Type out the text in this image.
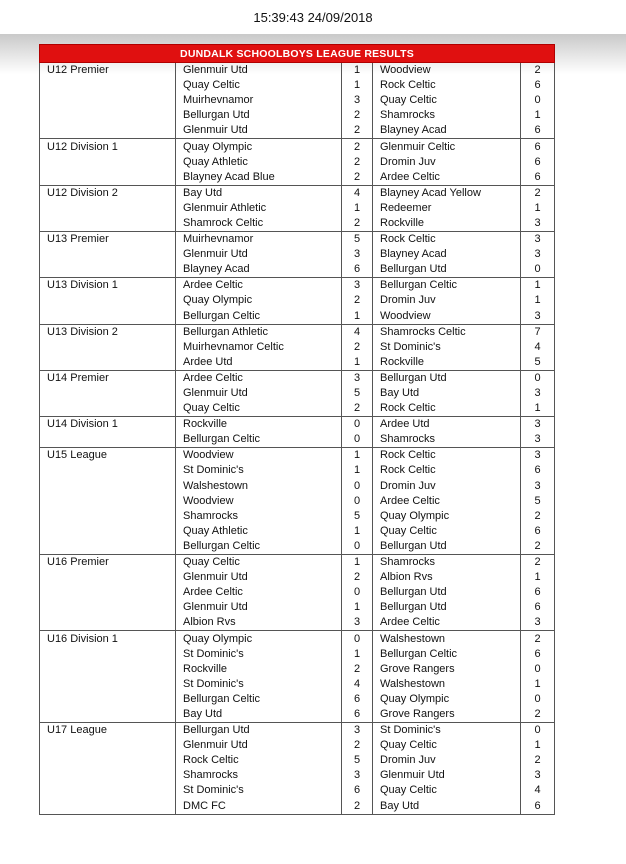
15:39:43 24/09/2018
DUNDALK SCHOOLBOYS LEAGUE RESULTS				
U12 Premier	Glenmuir Utd	1	Woodview	2
	Quay Celtic	1	Rock Celtic	6
	Muirhevnamor	3	Quay Celtic	0
	Bellurgan Utd	2	Shamrocks	1
	Glenmuir Utd	2	Blayney Acad	6
U12 Division 1	Quay Olympic	2	Glenmuir Celtic	6
	Quay Athletic	2	Dromin Juv	6
	Blayney Acad Blue	2	Ardee Celtic	6
U12 Division 2	Bay Utd	4	Blayney Acad Yellow	2
	Glenmuir Athletic	1	Redeemer	1
	Shamrock Celtic	2	Rockville	3
U13 Premier	Muirhevnamor	5	Rock Celtic	3
	Glenmuir Utd	3	Blayney Acad	3
	Blayney Acad	6	Bellurgan Utd	0
U13 Division 1	Ardee Celtic	3	Bellurgan Celtic	1
	Quay Olympic	2	Dromin Juv	1
	Bellurgan Celtic	1	Woodview	3
U13 Division 2	Bellurgan Athletic	4	Shamrocks Celtic	7
	Muirhevnamor Celtic	2	St Dominic's	4
	Ardee Utd	1	Rockville	5
U14 Premier	Ardee Celtic	3	Bellurgan Utd	0
	Glenmuir Utd	5	Bay Utd	3
	Quay Celtic	2	Rock Celtic	1
U14 Division 1	Rockville	0	Ardee Utd	3
	Bellurgan Celtic	0	Shamrocks	3
U15 League	Woodview	1	Rock Celtic	3
	St Dominic's	1	Rock Celtic	6
	Walshestown	0	Dromin Juv	3
	Woodview	0	Ardee Celtic	5
	Shamrocks	5	Quay Olympic	2
	Quay Athletic	1	Quay Celtic	6
	Bellurgan Celtic	0	Bellurgan Utd	2
U16 Premier	Quay Celtic	1	Shamrocks	2
	Glenmuir Utd	2	Albion Rvs	1
	Ardee Celtic	0	Bellurgan Utd	6
	Glenmuir Utd	1	Bellurgan Utd	6
	Albion Rvs	3	Ardee Celtic	3
U16 Division 1	Quay Olympic	0	Walshestown	2
	St Dominic's	1	Bellurgan Celtic	6
	Rockville	2	Grove Rangers	0
	St Dominic's	4	Walshestown	1
	Bellurgan Celtic	6	Quay Olympic	0
	Bay Utd	6	Grove Rangers	2
U17 League	Bellurgan Utd	3	St Dominic's	0
	Glenmuir Utd	2	Quay Celtic	1
	Rock Celtic	5	Dromin Juv	2
	Shamrocks	3	Glenmuir Utd	3
	St Dominic's	6	Quay Celtic	4
	DMC FC	2	Bay Utd	6
